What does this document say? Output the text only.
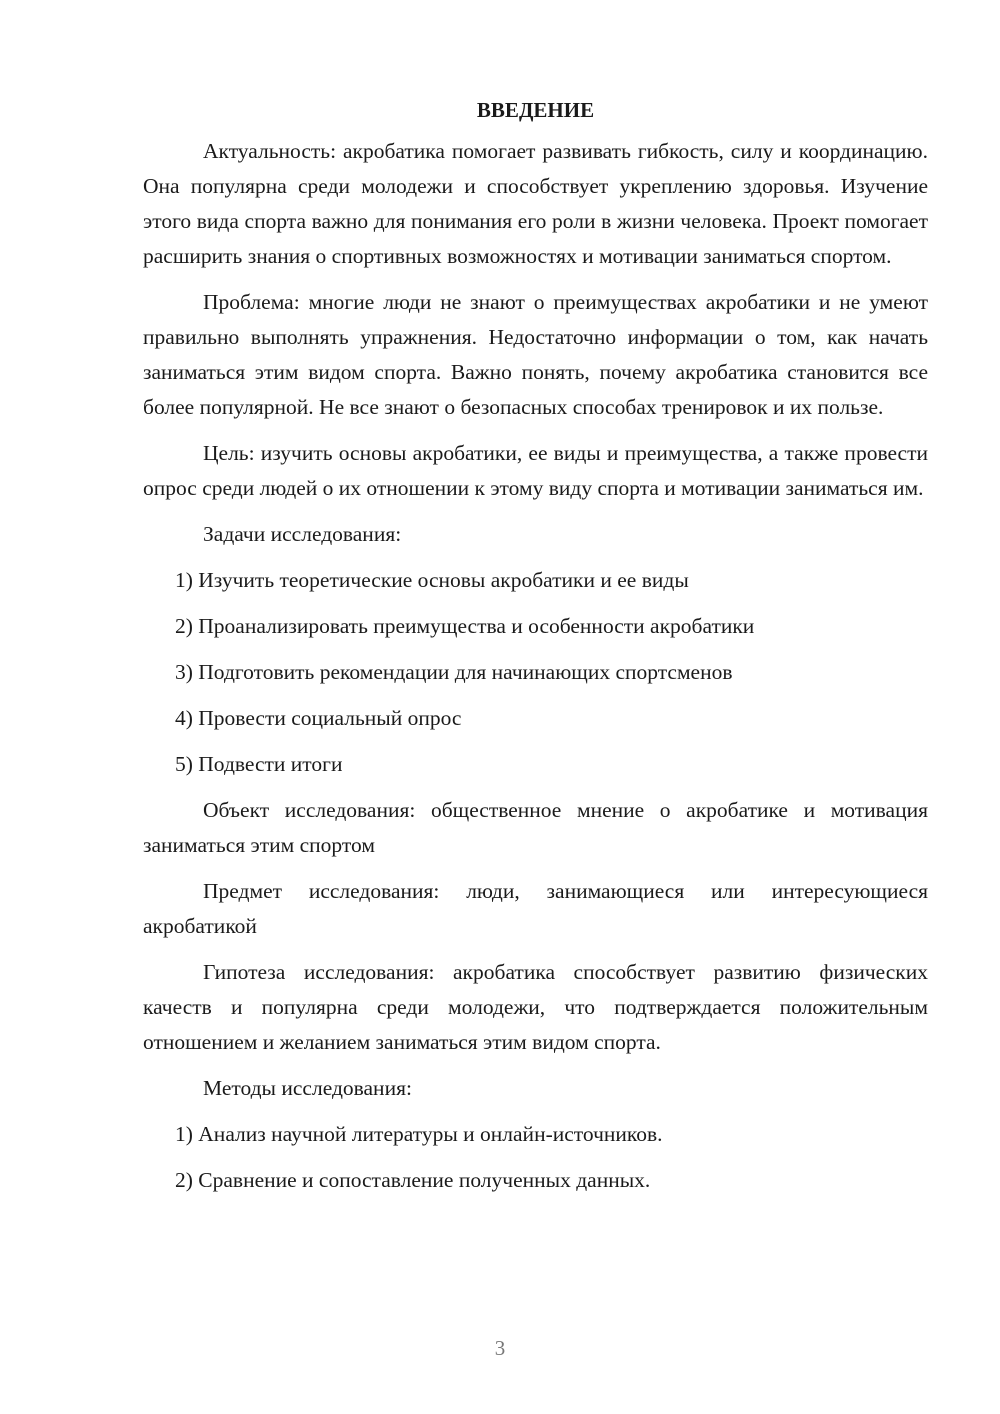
ВВЕДЕНИЕ

Актуальность: акробатика помогает развивать гибкость, силу и координацию. Она популярна среди молодежи и способствует укреплению здоровья. Изучение этого вида спорта важно для понимания его роли в жизни человека. Проект помогает расширить знания о спортивных возможностях и мотивации заниматься спортом.

Проблема: многие люди не знают о преимуществах акробатики и не умеют правильно выполнять упражнения. Недостаточно информации о том, как начать заниматься этим видом спорта. Важно понять, почему акробатика становится все более популярной. Не все знают о безопасных способах тренировок и их пользе.

Цель: изучить основы акробатики, ее виды и преимущества, а также провести опрос среди людей о их отношении к этому виду спорта и мотивации заниматься им.

Задачи исследования:

1) Изучить теоретические основы акробатики и ее виды

2) Проанализировать преимущества и особенности акробатики

3) Подготовить рекомендации для начинающих спортсменов

4) Провести социальный опрос

5) Подвести итоги

Объект исследования: общественное мнение о акробатике и мотивация заниматься этим спортом

Предмет исследования: люди, занимающиеся или интересующиеся акробатикой

Гипотеза исследования: акробатика способствует развитию физических качеств и популярна среди молодежи, что подтверждается положительным отношением и желанием заниматься этим видом спорта.

Методы исследования:

1) Анализ научной литературы и онлайн-источников.

2) Сравнение и сопоставление полученных данных.

3
